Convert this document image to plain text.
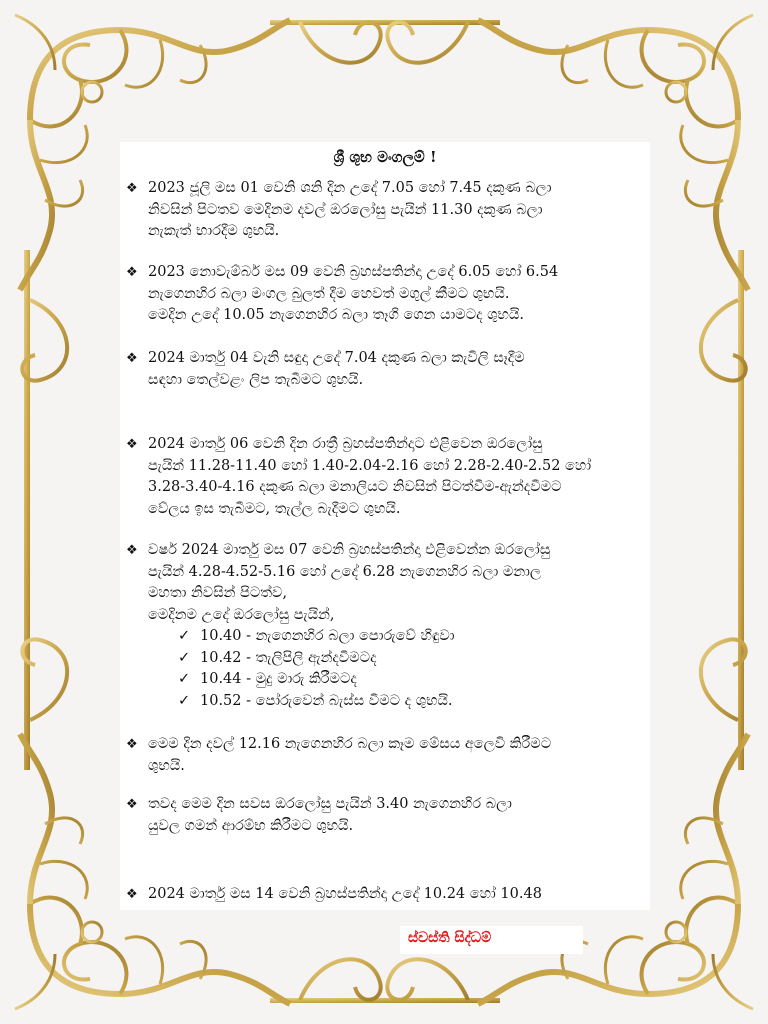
ශ්‍රී ශුභ මංගලම් !
❖ 2023 ජූලි මස 01 වෙනි ශනි දින උදේ 7.05 හෝ 7.45 දකුණ බලා
නිවසින් පිටතව මෙදිනම දවල් ඔරලෝසු පැයින් 11.30 දකුණ බලා
නැකැත් භාරදීම ශුභයි.
❖ 2023 නොවැම්බර් මස 09 වෙනි බ්‍රහස්පතින්දා උදේ 6.05 හෝ 6.54
නැගෙනහිර බලා මංගල බුලත් දීම හෙවත් මගුල් කීමට ශුභයි.
මෙදින උදේ 10.05 නැගෙනහිර බලා තෑගි ගෙන යාමටද ශුභයි.
❖ 2024 මාර්තු 04 වැනි සඳුදා උදේ 7.04 දකුණ බලා කැවිලි සෑදීම
සඳහා තෙල්වළං ලිප තැබීමට ශුභයි.
❖ 2024 මාර්තු 06 වෙනි දින රාත්‍රී බ්‍රහස්පතින්දාට එළිවෙන ඔරලෝසු
පැයින් 11.28-11.40 හෝ 1.40-2.04-2.16 හෝ 2.28-2.40-2.52 හෝ
3.28-3.40-4.16 දකුණ බලා මනාලියට නිවසින් පිටත්වීම-ඇන්දවීමට
වේලය ඉස තැබීමට, තැල්ල බැදීමට ශුභයි.
❖ වර්ෂ 2024 මාර්තු මස 07 වෙනි බ්‍රහස්පතින්දා එළිවෙන්න ඔරලෝසු
පැයින් 4.28-4.52-5.16 හෝ උදේ 6.28 නැගෙනහිර බලා මනාල
මහතා නිවසින් පිටත්ව,
මෙදිනම උදේ ඔරලෝසු පැයින්,
✓ 10.40 - නැගෙනහිර බලා පොරුවේ හිඳුවා
✓ 10.42 - තැලිපිලි ඇන්දවීමටද
✓ 10.44 - මුදු මාරු කිරීමටද
✓ 10.52 - පෝරුවෙන් බැස්ස වීමට ද ශුභයි.
❖ මෙම දින දවල් 12.16 නැගෙනහිර බලා කෑම මේසය අලෙවි කිරීමට
ශුභයි.
❖ තවද මෙම දින සවස ඔරලෝසු පැයින් 3.40 නැගෙනහිර බලා
යුවල ගමන් ආරම්භ කිරීමට ශුභයි.
❖ 2024 මාර්තු මස 14 වෙනි බ්‍රහස්පතින්දා උදේ 10.24 හෝ 10.48
ස්වස්ති සිද්ධම්
